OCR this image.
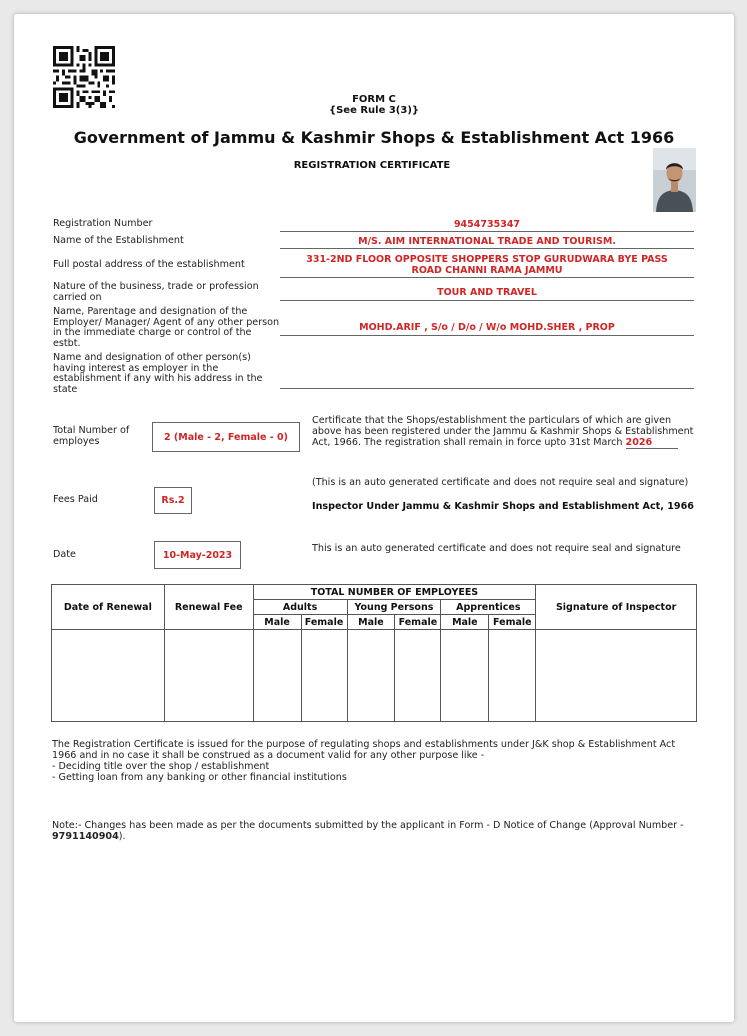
FORM C
{See Rule 3(3)}
Government of Jammu & Kashmir Shops & Establishment Act 1966
REGISTRATION CERTIFICATE
Registration Number	9454735347
Name of the Establishment	M/S. AIM INTERNATIONAL TRADE AND TOURISM.
Full postal address of the establishment	331-2ND FLOOR OPPOSITE SHOPPERS STOP GURUDWARA BYE PASS
ROAD CHANNI RAMA JAMMU
Nature of the business, trade or profession carried on	TOUR AND TRAVEL
Name, Parentage and designation of the Employer/ Manager/ Agent of any other person in the immediate charge or control of the estbt.
MOHD.ARIF , S/o / D/o / W/o MOHD.SHER , PROP
Name and designation of other person(s) having interest as employer in the establishment if any with his address in the state
Total Number of employes	2 (Male - 2, Female - 0)
Certificate that the Shops/establishment the particulars of which are given above has been registered under the Jammu & Kashmir Shops & Establishment Act, 1966. The registration shall remain in force upto 31st March 2026
Fees Paid	Rs.2
(This is an auto generated certificate and does not require seal and signature)
Inspector Under Jammu & Kashmir Shops and Establishment Act, 1966
Date	10-May-2023
This is an auto generated certificate and does not require seal and signature
Date of Renewal	Renewal Fee	TOTAL NUMBER OF EMPLOYEES						Signature of Inspector
		Adults		Young Persons		Apprentices		
		Male	Female	Male	Female	Male	Female	

The Registration Certificate is issued for the purpose of regulating shops and establishments under J&K shop & Establishment Act 1966 and in no case it shall be construed as a document valid for any other purpose like -
- Deciding title over the shop / establishment
- Getting loan from any banking or other financial institutions
Note:- Changes has been made as per the documents submitted by the applicant in Form - D Notice of Change (Approval Number - 9791140904).
